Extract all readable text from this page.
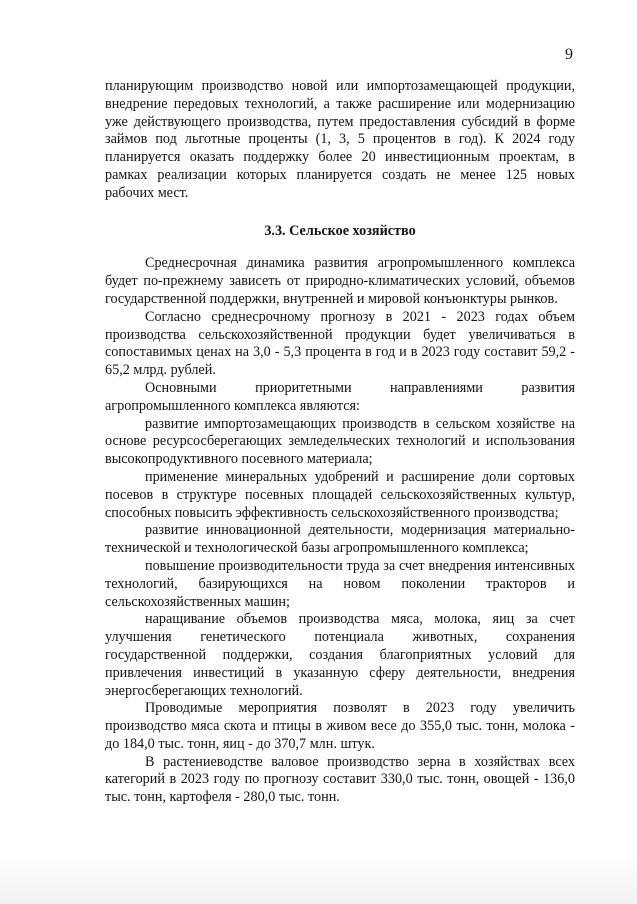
9

планирующим производство новой или импортозамещающей продукции, внедрение передовых технологий, а также расширение или модернизацию уже действующего производства, путем предоставления субсидий в форме займов под льготные проценты (1, 3, 5 процентов в год). К 2024 году планируется оказать поддержку более 20 инвестиционным проектам, в рамках реализации которых планируется создать не менее 125 новых рабочих мест.

3.3. Сельское хозяйство

Среднесрочная динамика развития агропромышленного комплекса будет по-прежнему зависеть от природно-климатических условий, объемов государственной поддержки, внутренней и мировой конъюнктуры рынков.

Согласно среднесрочному прогнозу в 2021 - 2023 годах объем производства сельскохозяйственной продукции будет увеличиваться в сопоставимых ценах на 3,0 - 5,3 процента в год и в 2023 году составит 59,2 - 65,2 млрд. рублей.

Основными приоритетными направлениями развития агропромышленного комплекса являются:

развитие импортозамещающих производств в сельском хозяйстве на основе ресурсосберегающих земледельческих технологий и использования высокопродуктивного посевного материала;

применение минеральных удобрений и расширение доли сортовых посевов в структуре посевных площадей сельскохозяйственных культур, способных повысить эффективность сельскохозяйственного производства;

развитие инновационной деятельности, модернизация материально-технической и технологической базы агропромышленного комплекса;

повышение производительности труда за счет внедрения интенсивных технологий, базирующихся на новом поколении тракторов и сельскохозяйственных машин;

наращивание объемов производства мяса, молока, яиц за счет улучшения генетического потенциала животных, сохранения государственной поддержки, создания благоприятных условий для привлечения инвестиций в указанную сферу деятельности, внедрения энергосберегающих технологий.

Проводимые мероприятия позволят в 2023 году увеличить производство мяса скота и птицы в живом весе до 355,0 тыс. тонн, молока - до 184,0 тыс. тонн, яиц - до 370,7 млн. штук.

В растениеводстве валовое производство зерна в хозяйствах всех категорий в 2023 году по прогнозу составит 330,0 тыс. тонн, овощей - 136,0 тыс. тонн, картофеля - 280,0 тыс. тонн.
